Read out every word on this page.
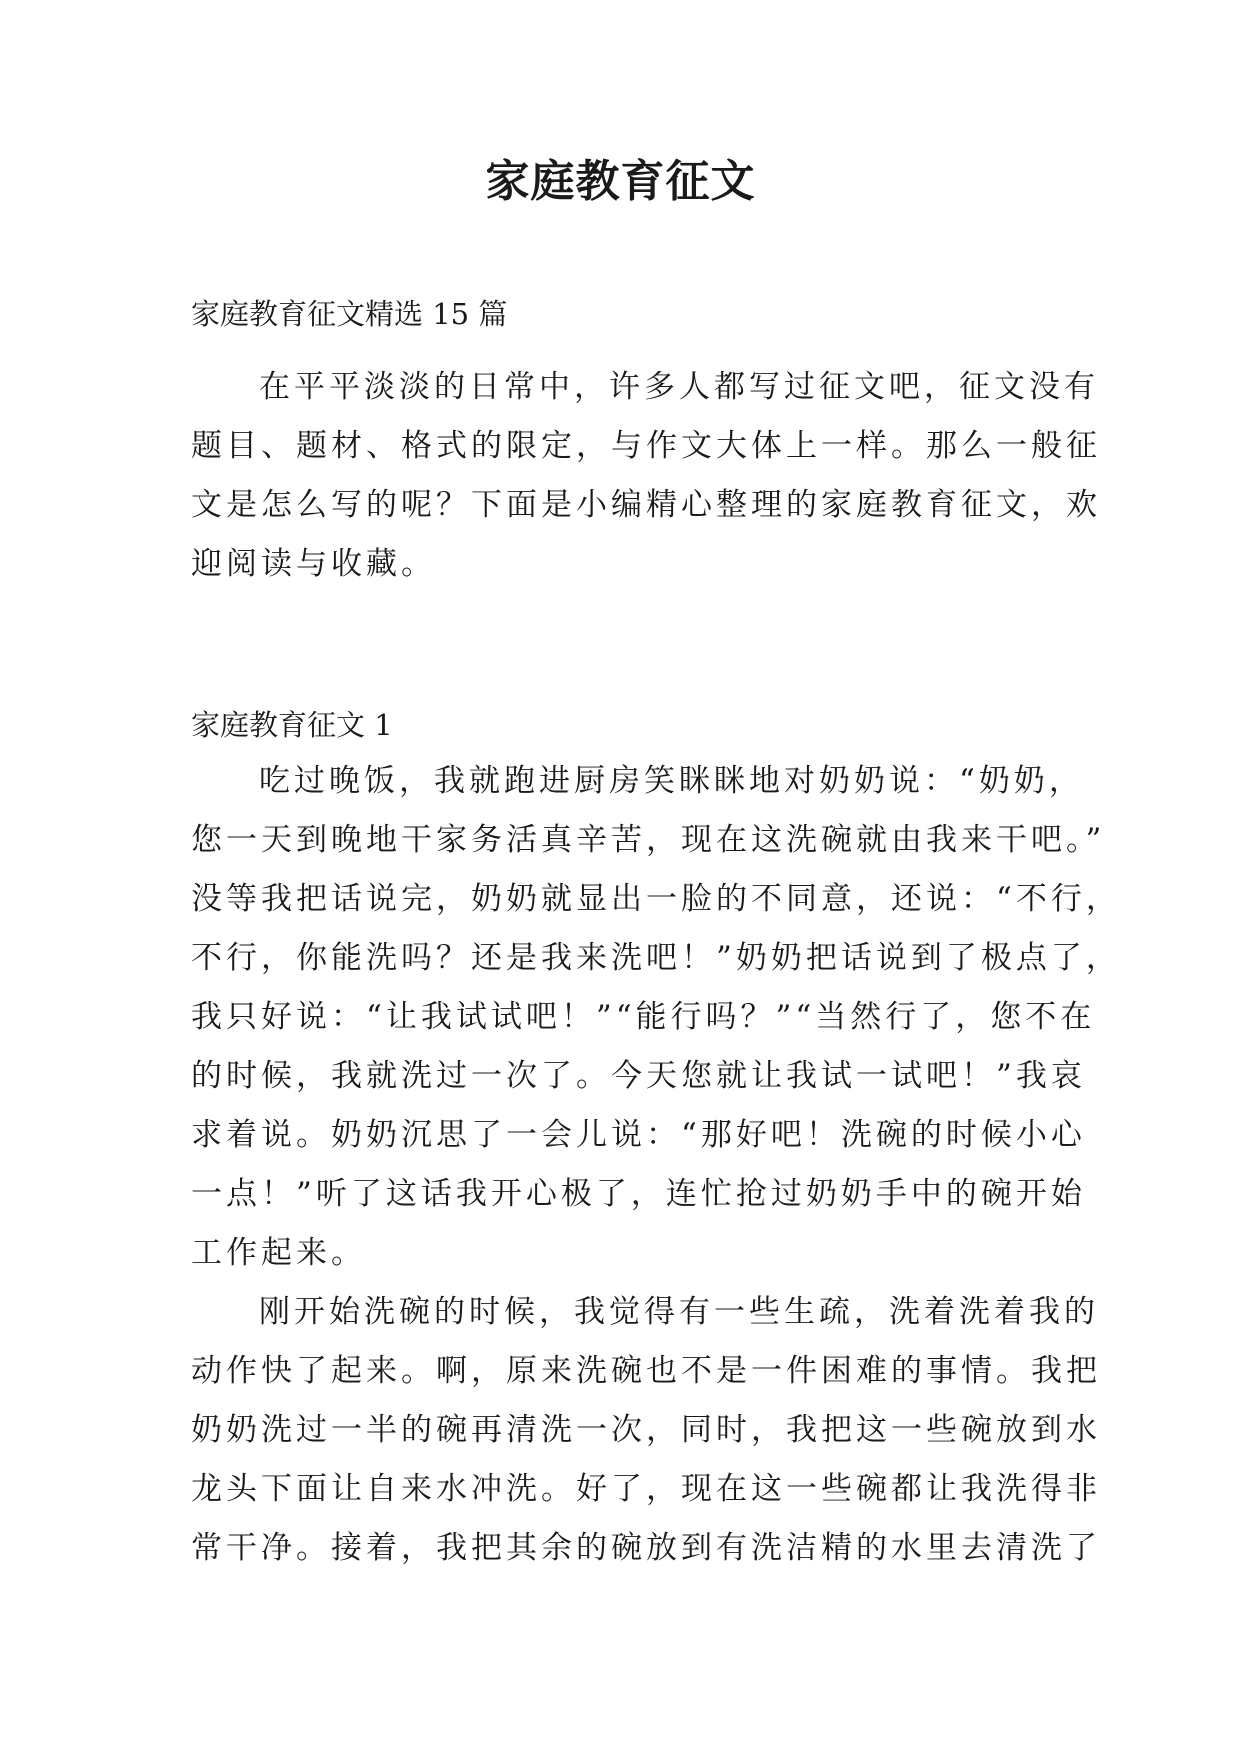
家庭教育征文

家庭教育征文精选 15 篇

在平平淡淡的日常中，许多人都写过征文吧，征文没有
题目、题材、格式的限定，与作文大体上一样。那么一般征
文是怎么写的呢？下面是小编精心整理的家庭教育征文，欢
迎阅读与收藏。

家庭教育征文 1

吃过晚饭，我就跑进厨房笑眯眯地对奶奶说：“奶奶，
您一天到晚地干家务活真辛苦，现在这洗碗就由我来干吧。”
没等我把话说完，奶奶就显出一脸的不同意，还说：“不行，
不行，你能洗吗？还是我来洗吧！”奶奶把话说到了极点了，
我只好说：“让我试试吧！”“能行吗？”“当然行了，您不在
的时候，我就洗过一次了。今天您就让我试一试吧！”我哀
求着说。奶奶沉思了一会儿说：“那好吧！洗碗的时候小心
一点！”听了这话我开心极了，连忙抢过奶奶手中的碗开始
工作起来。
刚开始洗碗的时候，我觉得有一些生疏，洗着洗着我的
动作快了起来。啊，原来洗碗也不是一件困难的事情。我把
奶奶洗过一半的碗再清洗一次，同时，我把这一些碗放到水
龙头下面让自来水冲洗。好了，现在这一些碗都让我洗得非
常干净。接着，我把其余的碗放到有洗洁精的水里去清洗了
